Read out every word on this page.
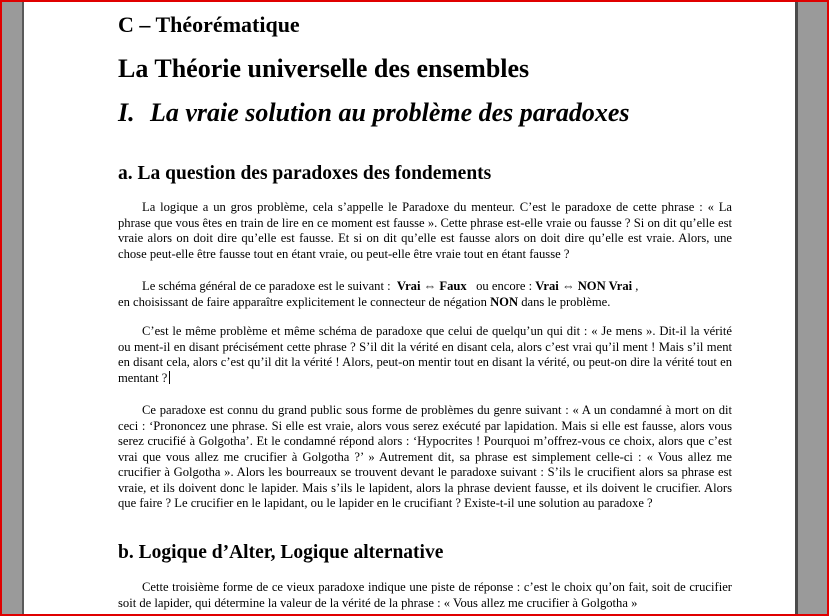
C – Théorématique
La Théorie universelle des ensembles
I. La vraie solution au problème des paradoxes
a. La question des paradoxes des fondements

La logique a un gros problème, cela s’appelle le Paradoxe du menteur. C’est le paradoxe de cette phrase : « La phrase que vous êtes en train de lire en ce moment est fausse ». Cette phrase est-elle vraie ou fausse ? Si on dit qu’elle est vraie alors on doit dire qu’elle est fausse. Et si on dit qu’elle est fausse alors on doit dire qu’elle est vraie. Alors, une chose peut-elle être fausse tout en étant vraie, ou peut-elle être vraie tout en étant fausse ?

Le schéma général de ce paradoxe est le suivant : Vrai ⇔ Faux ou encore : Vrai ⇔ NON Vrai ,
en choisissant de faire apparaître explicitement le connecteur de négation NON dans le problème.

C’est le même problème et même schéma de paradoxe que celui de quelqu’un qui dit : « Je mens ». Dit-il la vérité ou ment-il en disant précisément cette phrase ? S’il dit la vérité en disant cela, alors c’est vrai qu’il ment ! Mais s’il ment en disant cela, alors c’est qu’il dit la vérité ! Alors, peut-on mentir tout en disant la vérité, ou peut-on dire la vérité tout en mentant ?

Ce paradoxe est connu du grand public sous forme de problèmes du genre suivant : « A un condamné à mort on dit ceci : ‘Prononcez une phrase. Si elle est vraie, alors vous serez exécuté par lapidation. Mais si elle est fausse, alors vous serez crucifié à Golgotha’. Et le condamné répond alors : ‘Hypocrites ! Pourquoi m’offrez-vous ce choix, alors que c’est vrai que vous allez me crucifier à Golgotha ?’ » Autrement dit, sa phrase est simplement celle-ci : « Vous allez me crucifier à Golgotha ». Alors les bourreaux se trouvent devant le paradoxe suivant : S’ils le crucifient alors sa phrase est vraie, et ils doivent donc le lapider. Mais s’ils le lapident, alors la phrase devient fausse, et ils doivent le crucifier. Alors que faire ? Le crucifier en le lapidant, ou le lapider en le crucifiant ? Existe-t-il une solution au paradoxe ?

b. Logique d’Alter, Logique alternative

Cette troisième forme de ce vieux paradoxe indique une piste de réponse : c’est le choix qu’on fait, soit de crucifier soit de lapider, qui détermine la valeur de la vérité de la phrase : « Vous allez me crucifier à Golgotha »
